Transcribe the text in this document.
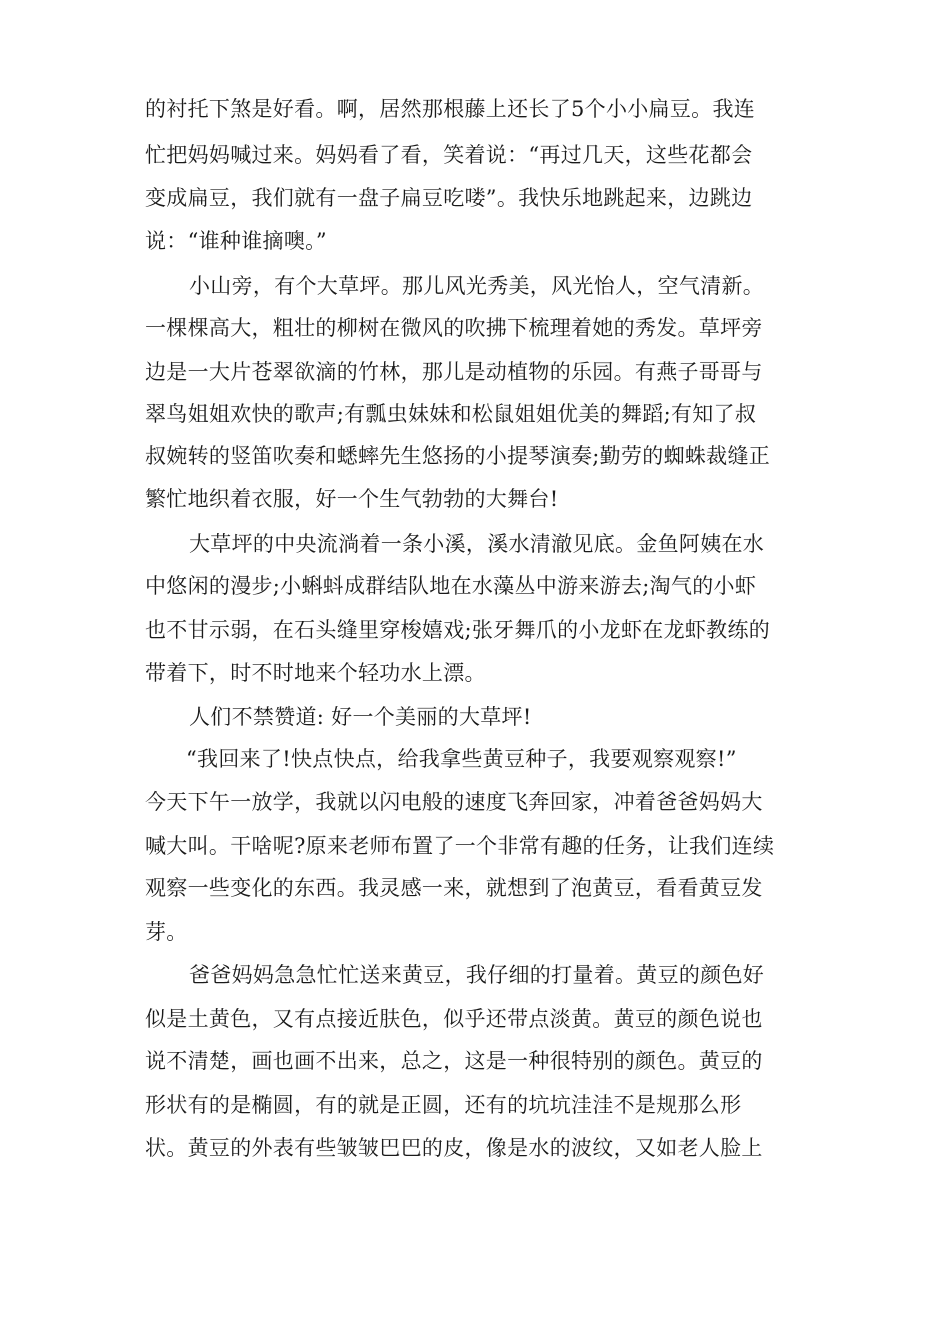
的衬托下煞是好看。啊，居然那根藤上还长了5个小小扁豆。我连
忙把妈妈喊过来。妈妈看了看，笑着说：“再过几天，这些花都会
变成扁豆，我们就有一盘子扁豆吃喽”。我快乐地跳起来，边跳边
说：“谁种谁摘噢。”
小山旁，有个大草坪。那儿风光秀美，风光怡人，空气清新。
一棵棵高大，粗壮的柳树在微风的吹拂下梳理着她的秀发。草坪旁
边是一大片苍翠欲滴的竹林，那儿是动植物的乐园。有燕子哥哥与
翠鸟姐姐欢快的歌声;有瓢虫妹妹和松鼠姐姐优美的舞蹈;有知了叔
叔婉转的竖笛吹奏和蟋蟀先生悠扬的小提琴演奏;勤劳的蜘蛛裁缝正
繁忙地织着衣服，好一个生气勃勃的大舞台!
大草坪的中央流淌着一条小溪，溪水清澈见底。金鱼阿姨在水
中悠闲的漫步;小蝌蚪成群结队地在水藻丛中游来游去;淘气的小虾
也不甘示弱，在石头缝里穿梭嬉戏;张牙舞爪的小龙虾在龙虾教练的
带着下，时不时地来个轻功水上漂。
人们不禁赞道: 好一个美丽的大草坪!
“我回来了!快点快点，给我拿些黄豆种子，我要观察观察!”
今天下午一放学，我就以闪电般的速度飞奔回家，冲着爸爸妈妈大
喊大叫。干啥呢?原来老师布置了一个非常有趣的任务，让我们连续
观察一些变化的东西。我灵感一来，就想到了泡黄豆，看看黄豆发
芽。
爸爸妈妈急急忙忙送来黄豆，我仔细的打量着。黄豆的颜色好
似是土黄色，又有点接近肤色，似乎还带点淡黄。黄豆的颜色说也
说不清楚，画也画不出来，总之，这是一种很特别的颜色。黄豆的
形状有的是椭圆，有的就是正圆，还有的坑坑洼洼不是规那么形
状。黄豆的外表有些皱皱巴巴的皮，像是水的波纹，又如老人脸上
